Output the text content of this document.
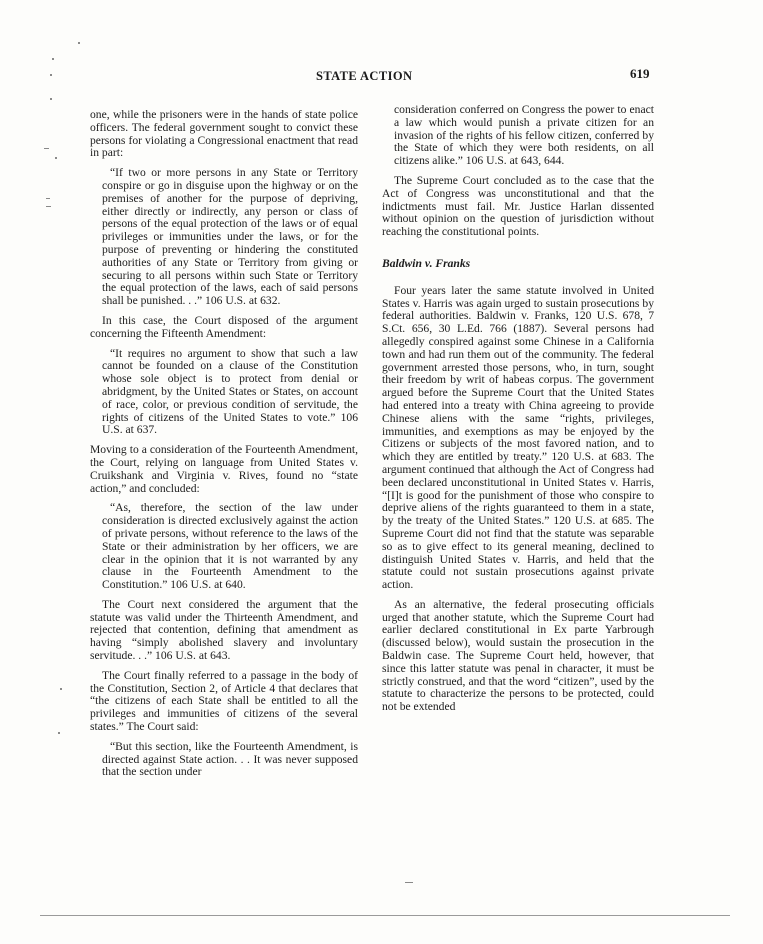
STATE ACTION	619

one, while the prisoners were in the hands of state police officers. The federal government sought to convict these persons for violating a Congressional enactment that read in part:

“If two or more persons in any State or Territory conspire or go in disguise upon the highway or on the premises of another for the purpose of depriving, either directly or indirectly, any person or class of persons of the equal protection of the laws or of equal privileges or immunities under the laws, or for the purpose of preventing or hindering the constituted authorities of any State or Territory from giving or securing to all persons within such State or Territory the equal protection of the laws, each of said persons shall be punished. . .” 106 U.S. at 632.

In this case, the Court disposed of the argument concerning the Fifteenth Amendment:

“It requires no argument to show that such a law cannot be founded on a clause of the Constitution whose sole object is to protect from denial or abridgment, by the United States or States, on account of race, color, or previous condition of servitude, the rights of citizens of the United States to vote.” 106 U.S. at 637.

Moving to a consideration of the Fourteenth Amendment, the Court, relying on language from United States v. Cruikshank and Virginia v. Rives, found no “state action,” and concluded:

“As, therefore, the section of the law under consideration is directed exclusively against the action of private persons, without reference to the laws of the State or their administration by her officers, we are clear in the opinion that it is not warranted by any clause in the Fourteenth Amendment to the Constitution.” 106 U.S. at 640.

The Court next considered the argument that the statute was valid under the Thirteenth Amendment, and rejected that contention, defining that amendment as having “simply abolished slavery and involuntary servitude. . .” 106 U.S. at 643.

The Court finally referred to a passage in the body of the Constitution, Section 2, of Article 4 that declares that “the citizens of each State shall be entitled to all the privileges and immunities of citizens of the several states.” The Court said:

“But this section, like the Fourteenth Amendment, is directed against State action. . . It was never supposed that the section under

consideration conferred on Congress the power to enact a law which would punish a private citizen for an invasion of the rights of his fellow citizen, conferred by the State of which they were both residents, on all citizens alike.” 106 U.S. at 643, 644.

The Supreme Court concluded as to the case that the Act of Congress was unconstitutional and that the indictments must fail. Mr. Justice Harlan dissented without opinion on the question of jurisdiction without reaching the constitutional points.

Baldwin v. Franks

Four years later the same statute involved in United States v. Harris was again urged to sustain prosecutions by federal authorities. Baldwin v. Franks, 120 U.S. 678, 7 S.Ct. 656, 30 L.Ed. 766 (1887). Several persons had allegedly conspired against some Chinese in a California town and had run them out of the community. The federal government arrested those persons, who, in turn, sought their freedom by writ of habeas corpus. The government argued before the Supreme Court that the United States had entered into a treaty with China agreeing to provide Chinese aliens with the same “rights, privileges, immunities, and exemptions as may be enjoyed by the Citizens or subjects of the most favored nation, and to which they are entitled by treaty.” 120 U.S. at 683. The argument continued that although the Act of Congress had been declared unconstitutional in United States v. Harris, “[I]t is good for the punishment of those who conspire to deprive aliens of the rights guaranteed to them in a state, by the treaty of the United States.” 120 U.S. at 685. The Supreme Court did not find that the statute was separable so as to give effect to its general meaning, declined to distinguish United States v. Harris, and held that the statute could not sustain prosecutions against private action.

As an alternative, the federal prosecuting officials urged that another statute, which the Supreme Court had earlier declared constitutional in Ex parte Yarbrough (discussed below), would sustain the prosecution in the Baldwin case. The Supreme Court held, however, that since this latter statute was penal in character, it must be strictly construed, and that the word “citizen”, used by the statute to characterize the persons to be protected, could not be extended
